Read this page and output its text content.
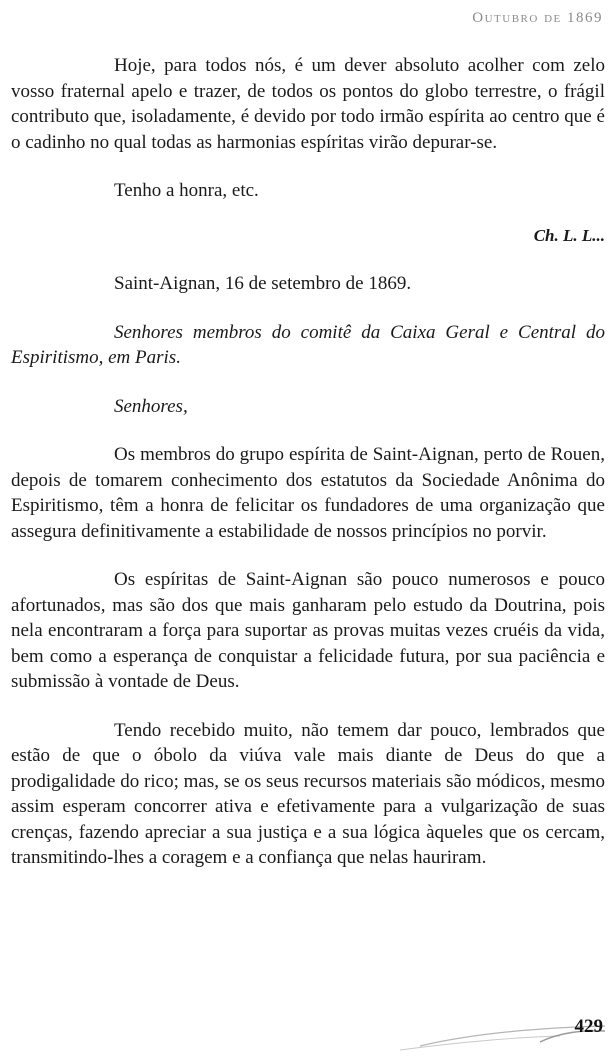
Outubro de 1869

Hoje, para todos nós, é um dever absoluto acolher com zelo vosso fraternal apelo e trazer, de todos os pontos do globo terrestre, o frágil contributo que, isoladamente, é devido por todo irmão espírita ao centro que é o cadinho no qual todas as harmonias espíritas virão depurar-se.

Tenho a honra, etc.

Ch. L. L...

Saint-Aignan, 16 de setembro de 1869.

Senhores membros do comitê da Caixa Geral e Central do Espiritismo, em Paris.

Senhores,

Os membros do grupo espírita de Saint-Aignan, perto de Rouen, depois de tomarem conhecimento dos estatutos da Sociedade Anônima do Espiritismo, têm a honra de felicitar os fundadores de uma organização que assegura definitivamente a estabilidade de nossos princípios no porvir.

Os espíritas de Saint-Aignan são pouco numerosos e pouco afortunados, mas são dos que mais ganharam pelo estudo da Doutrina, pois nela encontraram a força para suportar as provas muitas vezes cruéis da vida, bem como a esperança de conquistar a felicidade futura, por sua paciência e submissão à vontade de Deus.

Tendo recebido muito, não temem dar pouco, lembrados que estão de que o óbolo da viúva vale mais diante de Deus do que a prodigalidade do rico; mas, se os seus recursos materiais são módicos, mesmo assim esperam concorrer ativa e efetivamente para a vulgarização de suas crenças, fazendo apreciar a sua justiça e a sua lógica àqueles que os cercam, transmitindo-lhes a coragem e a confiança que nelas hauriram.

429
